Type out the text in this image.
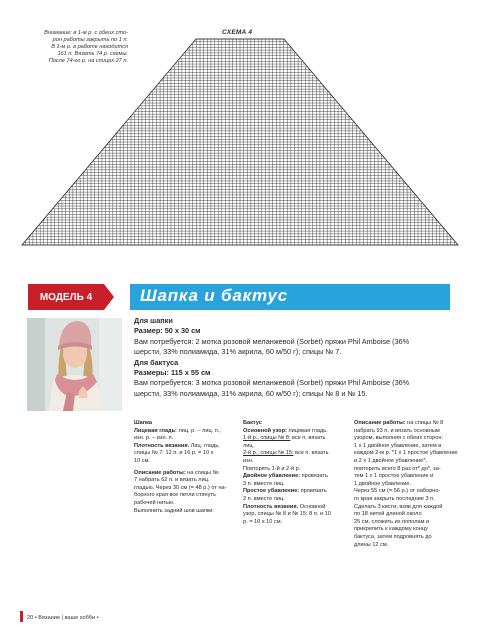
СХЕМА 4
Внимание: в 1-м р. с обеих сто-
рон работы закрыть по 1 п.
В 1-м р. в работе находится
161 п. Вязать 74 р. схемы.
После 74-го р. на спицах 27 п.
МОДЕЛЬ 4	Шапка и бактус
Для шапки
Размер: 50 x 30 см
Вам потребуется: 2 мотка розовой меланжевой (Sorbet) пряжи Phil Amboise (36%
шерсти, 33% полиамида, 31% акрила, 60 м/50 г); спицы № 7.
Для бактуса
Размеры: 115 x 55 см
Вам потребуется: 3 мотка розовой меланжевой (Sorbet) пряжи Phil Amboise (36%
шерсти, 33% полиамида, 31% акрила, 60 м/50 г); спицы № 8 и № 15.

Шапка

Лицевая гладь: лиц. р. – лиц. п.,

изн. р. – изн. п.

Плотность вязания. Лиц. гладь,

спицы № 7: 12 п. и 16 р. = 10 x

10 см.

Описание работы: на спицы №

7 набрать 62 п. и вязать лиц.

гладью. Через 30 см (= 48 р.) от на-

борного края все петли стянуть

рабочей нитью.

Выполнить задний шов шапки.

Бактус

Основной узор: лицевая гладь.

1-й р., спицы № 8: все п. вязать

лиц.

2-й р., спицы № 15: все п. вязать

изн.

Повторять 1-й и 2-й р.

Двойное убавление: провязать

3 п. вместе лиц.

Простое убавление: провязать

2 п. вместе лиц.

Плотность вязания. Основной

узор, спицы № 8 и № 15: 8 п. и 10

р. = 10 x 10 см.

Описание работы: на спицы № 8

набрать 93 п. и вязать основным

узором, выполняя с обеих сторон:

1 x 1 двойное убавление, затем в

каждом 2-м р. *1 x 1 простое убавление

и 2 x 1 двойное убавление*,

повторить всего 8 раз от* до*, за-

тем 1 x 1 простое убавление и

1 двойное убавление.

Через 55 см (= 56 р.) от наборно-

го края закрыть последние 3 п.

Сделать 3 кисти, взяв для каждой

по 18 нитей длиной около

25 см, сложить их пополам и

прикрепить к каждому концу

бактуса, затем подровнять до

длины 12 см.

20 • Вязание | ваше хобби •
